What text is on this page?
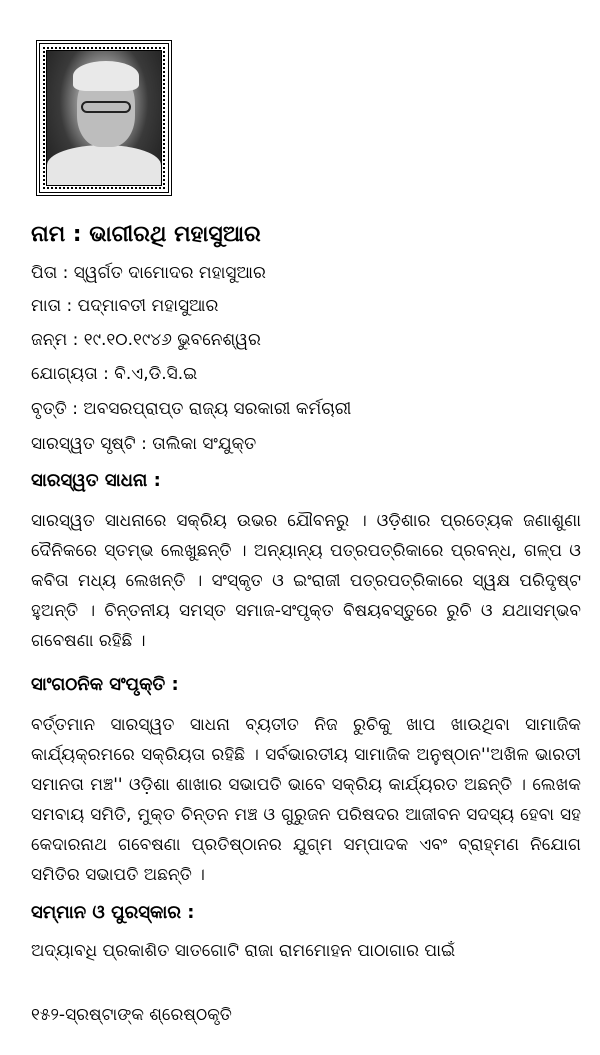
ନାମ : ଭାଗୀରଥି ମହାସୁଆର
ପିତା : ସ୍ୱର୍ଗତ ଦାମୋଦର ମହାସୁଆର
ମାତା : ପଦ୍ମାବତୀ ମହାସୁଆର
ଜନ୍ମ : ୧୯.୧୦.୧୯୪୬ ଭୁବନେଶ୍ୱର
ଯୋଗ୍ୟତା : ବି.ଏ,ଡି.ସି.ଇ
ବୃତ୍ତି : ଅବସରପ୍ରାପ୍ତ ରାଜ୍ୟ ସରକାରୀ କର୍ମଚାରୀ
ସାରସ୍ୱତ ସୃଷ୍ଟି : ତାଲିକା ସଂଯୁକ୍ତ
ସାରସ୍ୱତ ସାଧନା :

ସାରସ୍ୱତ ସାଧନାରେ ସକ୍ରିୟ ଉଭର ଯୌବନରୁ । ଓଡ଼ିଶାର ପ୍ରତ୍ୟେକ ଜଣାଶୁଣା ଦୈନିକରେ ସ୍ତମ୍ଭ ଲେଖୁଛନ୍ତି । ଅନ୍ୟାନ୍ୟ ପତ୍ରପତ୍ରିକାରେ ପ୍ରବନ୍ଧ, ଗଳ୍ପ ଓ କବିତା ମଧ୍ୟ ଲେଖନ୍ତି । ସଂସ୍କୃତ ଓ ଇଂରାଜୀ ପତ୍ରପତ୍ରିକାରେ ସ୍ୱକ୍ଷ ପରିଦୃଷ୍ଟ ହୁଅନ୍ତି । ଚିନ୍ତନୀୟ ସମସ୍ତ ସମାଜ-ସଂପୃକ୍ତ ବିଷୟବସ୍ତୁରେ ରୁଚି ଓ ଯଥାସମ୍ଭବ ଗବେଷଣା ରହିଛି ।

ସାଂଗଠନିକ ସଂପୃକ୍ତି :

ବର୍ତ୍ତମାନ ସାରସ୍ୱତ ସାଧନା ବ୍ୟତୀତ ନିଜ ରୁଚିକୁ ଖାପ ଖାଉଥିବା ସାମାଜିକ କାର୍ଯ୍ୟକ୍ରମରେ ସକ୍ରିୟତା ରହିଛି । ସର୍ବଭାରତୀୟ ସାମାଜିକ ଅନୁଷ୍ଠାନ''ଅଖିଳ ଭାରତୀ ସମାନତା ମଞ୍ଚ'' ଓଡ଼ିଶା ଶାଖାର ସଭାପତି ଭାବେ ସକ୍ରିୟ କାର୍ଯ୍ୟରତ ଅଛନ୍ତି । ଲେଖକ ସମବାୟ ସମିତି, ମୁକ୍ତ ଚିନ୍ତନ ମଞ୍ଚ ଓ ଗୁରୁଜନ ପରିଷଦର ଆଜୀବନ ସଦସ୍ୟ ହେବା ସହ କେଦାରନାଥ ଗବେଷଣା ପ୍ରତିଷ୍ଠାନର ଯୁଗ୍ମ ସମ୍ପାଦକ ଏବଂ ବ୍ରାହ୍ମଣ ନିଯୋଗ ସମିତିର ସଭାପତି ଅଛନ୍ତି ।

ସମ୍ମାନ ଓ ପୁରସ୍କାର :

ଅଦ୍ୟାବଧି ପ୍ରକାଶିତ ସାତଗୋଟି ରାଜା ରାମମୋହନ ପାଠାଗାର ପାଇଁ

୧୫୨-ସ୍ରଷ୍ଟାଙ୍କ ଶ୍ରେଷ୍ଠକୃତି
